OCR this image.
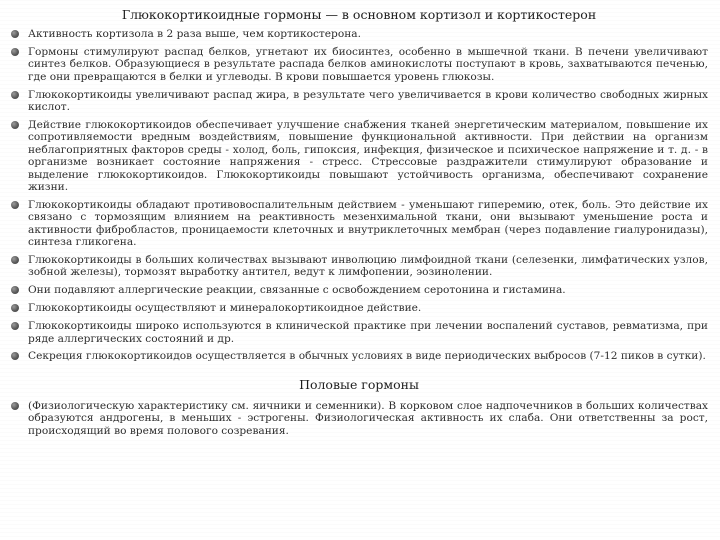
Глюкокортикоидные гормоны — в основном кортизол и кортикостерон
Активность кортизола в 2 раза выше, чем кортикостерона.
Гормоны стимулируют распад белков, угнетают их биосинтез, особенно в мышечной ткани. В печени увеличивают синтез белков. Образующиеся в результате распада белков аминокислоты поступают в кровь, захватываются печенью, где они превращаются в белки и углеводы. В крови повышается уровень глюкозы.
Глюкокортикоиды увеличивают распад жира, в результате чего увеличивается в крови количество свободных жирных кислот.
Действие глюкокортикоидов обеспечивает улучшение снабжения тканей энергетическим материалом, повышение их сопротивляемости вредным воздействиям, повышение функциональной активности. При действии на организм неблагоприятных факторов среды - холод, боль, гипоксия, инфекция, физическое и психическое напряжение и т. д. - в организме возникает состояние напряжения - стресс. Стрессовые раздражители стимулируют образование и выделение глюкокортикоидов. Глюкокортикоиды повышают устойчивость организма, обеспечивают сохранение жизни.
Глюкокортикоиды обладают противовоспалительным действием - уменьшают гиперемию, отек, боль. Это действие их связано с тормозящим влиянием на реактивность мезенхимальной ткани, они вызывают уменьшение роста и активности фибробластов, проницаемости клеточных и внутриклеточных мембран (через подавление гиалуронидазы), синтеза гликогена.
Глюкокортикоиды в больших количествах вызывают инволюцию лимфоидной ткани (селезенки, лимфатических узлов, зобной железы), тормозят выработку антител, ведут к лимфопении, эозинолении.
Они подавляют аллергические реакции, связанные с освобождением серотонина и гистамина.
Глюкокортикоиды осуществляют и минералокортикоидное действие.
Глюкокортикоиды широко используются в клинической практике при лечении воспалений суставов, ревматизма, при ряде аллергических состояний и др.
Секреция глюкокортикоидов осуществляется в обычных условиях в виде периодических выбросов (7-12 пиков в сутки).
Половые гормоны
(Физиологическую характеристику см. яичники и семенники). В корковом слое надпочечников в больших количествах образуются андрогены, в меньших - эстрогены. Физиологическая активность их слаба. Они ответственны за рост, происходящий во время полового созревания.
